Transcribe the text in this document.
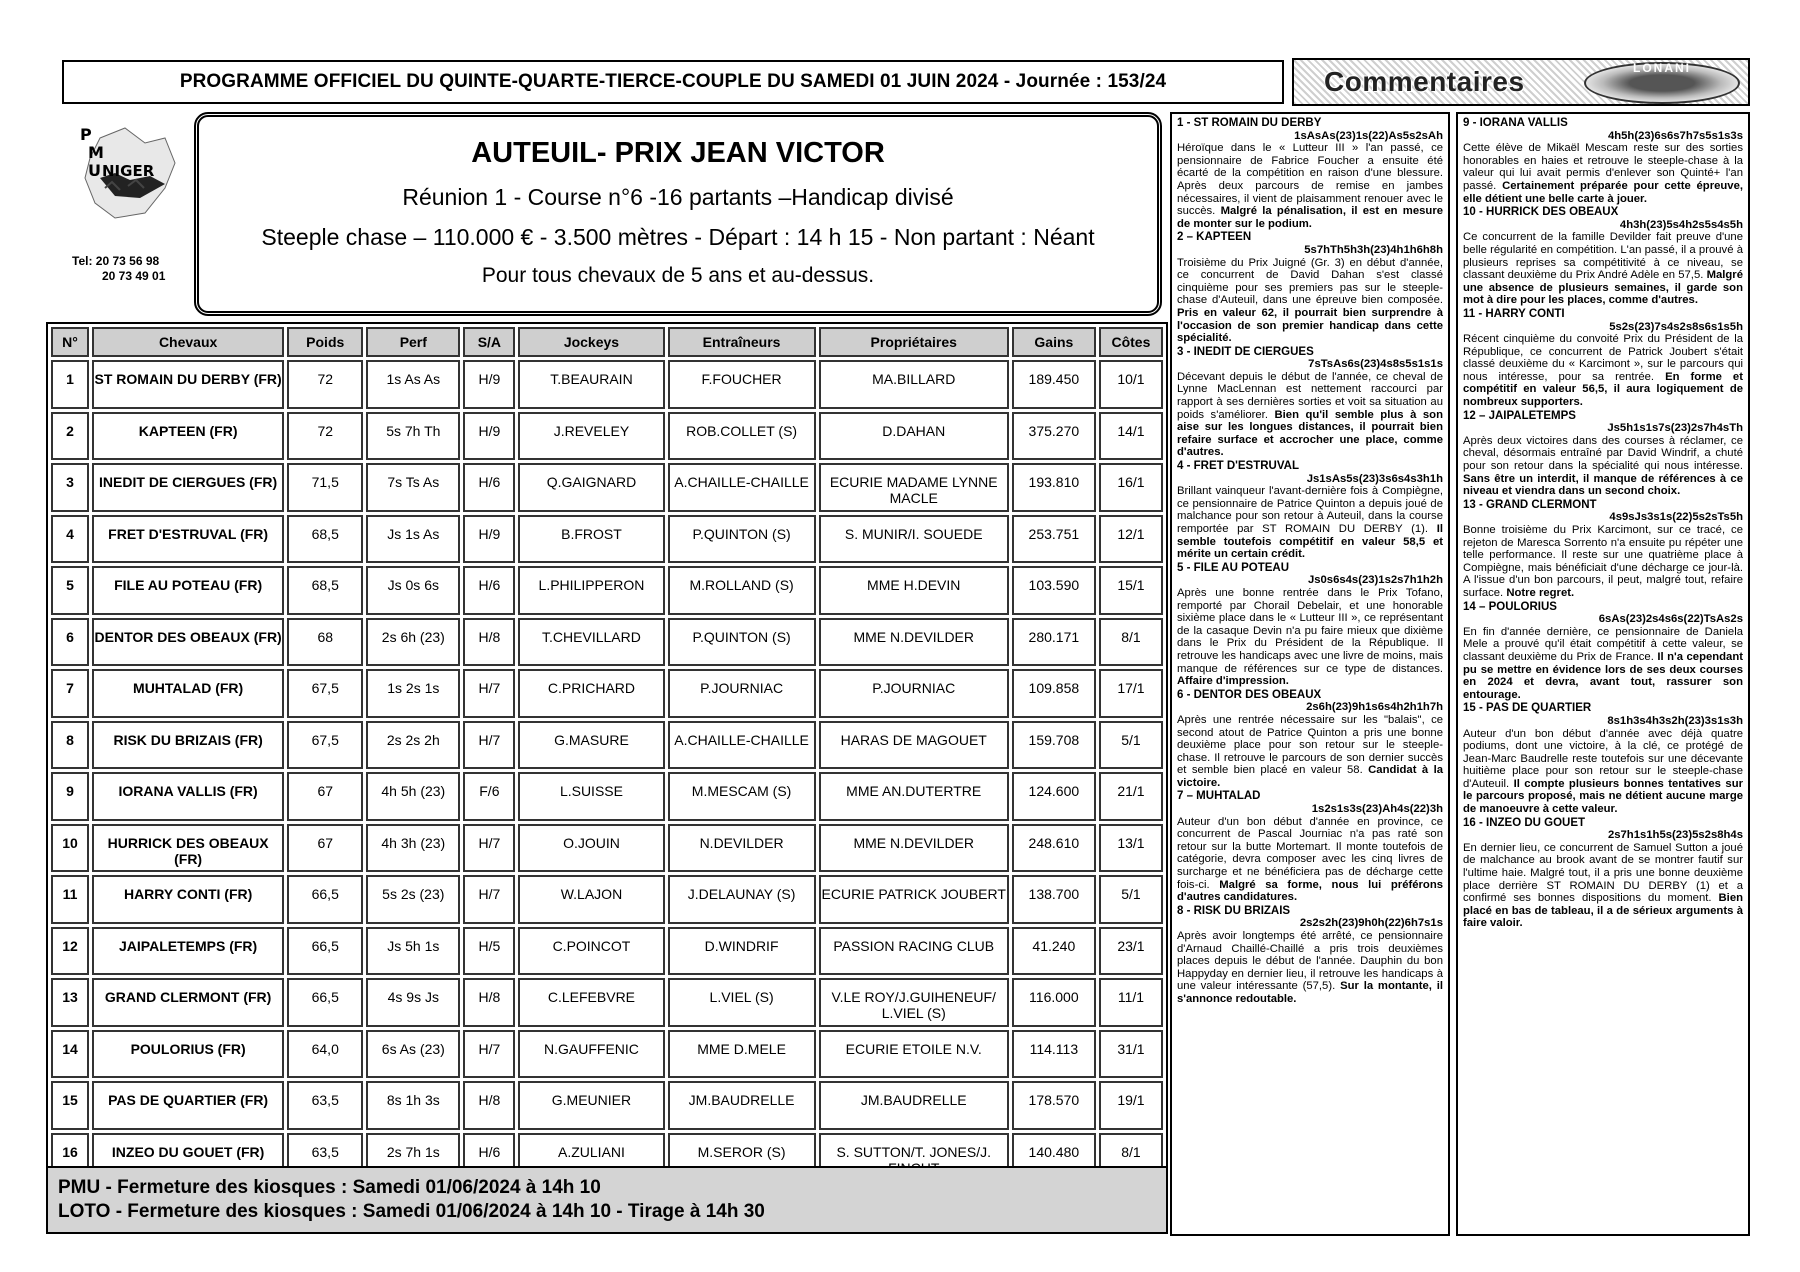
PROGRAMME OFFICIEL DU QUINTE-QUARTE-TIERCE-COUPLE DU SAMEDI 01 JUIN 2024 - Journée : 153/24	Commentaires	LONANI
P
M
U NIGER
Tel: 20 73 56 98
20 73 49 01
AUTEUIL- PRIX JEAN VICTOR
Réunion 1 - Course n°6 -16 partants –Handicap divisé
Steeple chase – 110.000 € - 3.500 mètres - Départ : 14 h 15 - Non partant : Néant
Pour tous chevaux de 5 ans et au-dessus.
N°	Chevaux	Poids	Perf	S/A	Jockeys	Entraîneurs	Propriétaires	Gains	Côtes
1	ST ROMAIN DU DERBY (FR)	72	1s As As	H/9	T.BEAURAIN	F.FOUCHER	MA.BILLARD	189.450	10/1
2	KAPTEEN (FR)	72	5s 7h Th	H/9	J.REVELEY	ROB.COLLET (S)	D.DAHAN	375.270	14/1
3	INEDIT DE CIERGUES (FR)	71,5	7s Ts As	H/6	Q.GAIGNARD	A.CHAILLE-CHAILLE	ECURIE MADAME LYNNE MACLE	193.810	16/1
4	FRET D'ESTRUVAL (FR)	68,5	Js 1s As	H/9	B.FROST	P.QUINTON (S)	S. MUNIR/I. SOUEDE	253.751	12/1
5	FILE AU POTEAU (FR)	68,5	Js 0s 6s	H/6	L.PHILIPPERON	M.ROLLAND (S)	MME H.DEVIN	103.590	15/1
6	DENTOR DES OBEAUX (FR)	68	2s 6h (23)	H/8	T.CHEVILLARD	P.QUINTON (S)	MME N.DEVILDER	280.171	8/1
7	MUHTALAD (FR)	67,5	1s 2s 1s	H/7	C.PRICHARD	P.JOURNIAC	P.JOURNIAC	109.858	17/1
8	RISK DU BRIZAIS (FR)	67,5	2s 2s 2h	H/7	G.MASURE	A.CHAILLE-CHAILLE	HARAS DE MAGOUET	159.708	5/1
9	IORANA VALLIS (FR)	67	4h 5h (23)	F/6	L.SUISSE	M.MESCAM (S)	MME AN.DUTERTRE	124.600	21/1
10	HURRICK DES OBEAUX (FR)	67	4h 3h (23)	H/7	O.JOUIN	N.DEVILDER	MME N.DEVILDER	248.610	13/1
11	HARRY CONTI (FR)	66,5	5s 2s (23)	H/7	W.LAJON	J.DELAUNAY (S)	ECURIE PATRICK JOUBERT	138.700	5/1
12	JAIPALETEMPS (FR)	66,5	Js 5h 1s	H/5	C.POINCOT	D.WINDRIF	PASSION RACING CLUB	41.240	23/1
13	GRAND CLERMONT (FR)	66,5	4s 9s Js	H/8	C.LEFEBVRE	L.VIEL (S)	V.LE ROY/J.GUIHENEUF/ L.VIEL (S)	116.000	11/1
14	POULORIUS (FR)	64,0	6s As (23)	H/7	N.GAUFFENIC	MME D.MELE	ECURIE ETOILE N.V.	114.113	31/1
15	PAS DE QUARTIER (FR)	63,5	8s 1h 3s	H/8	G.MEUNIER	JM.BAUDRELLE	JM.BAUDRELLE	178.570	19/1
16	INZEO DU GOUET (FR)	63,5	2s 7h 1s	H/6	A.ZULIANI	M.SEROR (S)	S. SUTTON/T. JONES/J.	140.480	8/1
PMU - Fermeture des kiosques : Samedi 01/06/2024 à 14h 10
LOTO - Fermeture des kiosques : Samedi 01/06/2024 à 14h 10 - Tirage à 14h 30
1 - ST ROMAIN DU DERBY
1sAsAs(23)1s(22)As5s2sAh
Héroïque dans le « Lutteur III » l'an passé, ce pensionnaire de Fabrice Foucher a ensuite été écarté de la compétition en raison d'une blessure. Après deux parcours de remise en jambes nécessaires, il vient de plaisamment renouer avec le succès. Malgré la pénalisation, il est en mesure de monter sur le podium.
2 – KAPTEEN
5s7hTh5h3h(23)4h1h6h8h
Troisième du Prix Juigné (Gr. 3) en début d'année, ce concurrent de David Dahan s'est classé cinquième pour ses premiers pas sur le steeple-chase d'Auteuil, dans une épreuve bien composée. Pris en valeur 62, il pourrait bien surprendre à l'occasion de son premier handicap dans cette spécialité.
3 - INEDIT DE CIERGUES
7sTsAs6s(23)4s8s5s1s1s
Décevant depuis le début de l'année, ce cheval de Lynne MacLennan est nettement raccourci par rapport à ses dernières sorties et voit sa situation au poids s'améliorer. Bien qu'il semble plus à son aise sur les longues distances, il pourrait bien refaire surface et accrocher une place, comme d'autres.
4 - FRET D'ESTRUVAL
Js1sAs5s(23)3s6s4s3h1h
Brillant vainqueur l'avant-dernière fois à Compiègne, ce pensionnaire de Patrice Quinton a depuis joué de malchance pour son retour à Auteuil, dans la course remportée par ST ROMAIN DU DERBY (1). Il semble toutefois compétitif en valeur 58,5 et mérite un certain crédit.
5 - FILE AU POTEAU
Js0s6s4s(23)1s2s7h1h2h
Après une bonne rentrée dans le Prix Tofano, remporté par Chorail Debelair, et une honorable sixième place dans le « Lutteur III », ce représentant de la casaque Devin n'a pu faire mieux que dixième dans le Prix du Président de la République. Il retrouve les handicaps avec une livre de moins, mais manque de références sur ce type de distances. Affaire d'impression.
6 - DENTOR DES OBEAUX
2s6h(23)9h1s6s4h2h1h7h
Après une rentrée nécessaire sur les "balais", ce second atout de Patrice Quinton a pris une bonne deuxième place pour son retour sur le steeple-chase. Il retrouve le parcours de son dernier succès et semble bien placé en valeur 58. Candidat à la victoire.
7 – MUHTALAD
1s2s1s3s(23)Ah4s(22)3h
Auteur d'un bon début d'année en province, ce concurrent de Pascal Journiac n'a pas raté son retour sur la butte Mortemart. Il monte toutefois de catégorie, devra composer avec les cinq livres de surcharge et ne bénéficiera pas de décharge cette fois-ci. Malgré sa forme, nous lui préférons d'autres candidatures.
8 - RISK DU BRIZAIS
2s2s2h(23)9h0h(22)6h7s1s
Après avoir longtemps été arrêté, ce pensionnaire d'Arnaud Chaillé-Chaillé a pris trois deuxièmes places depuis le début de l'année. Dauphin du bon Happyday en dernier lieu, il retrouve les handicaps à une valeur intéressante (57,5). Sur la montante, il s'annonce redoutable.
9 - IORANA VALLIS
4h5h(23)6s6s7h7s5s1s3s
Cette élève de Mikaël Mescam reste sur des sorties honorables en haies et retrouve le steeple-chase à la valeur qui lui avait permis d'enlever son Quinté+ l'an passé. Certainement préparée pour cette épreuve, elle détient une belle carte à jouer.
10 - HURRICK DES OBEAUX
4h3h(23)5s4h2s5s4s5h
Ce concurrent de la famille Devilder fait preuve d'une belle régularité en compétition. L'an passé, il a prouvé à plusieurs reprises sa compétitivité à ce niveau, se classant deuxième du Prix André Adèle en 57,5. Malgré une absence de plusieurs semaines, il garde son mot à dire pour les places, comme d'autres.
11 - HARRY CONTI
5s2s(23)7s4s2s8s6s1s5h
Récent cinquième du convoité Prix du Président de la République, ce concurrent de Patrick Joubert s'était classé deuxième du « Karcimont », sur le parcours qui nous intéresse, pour sa rentrée. En forme et compétitif en valeur 56,5, il aura logiquement de nombreux supporters.
12 – JAIPALETEMPS
Js5h1s1s7s(23)2s7h4sTh
Après deux victoires dans des courses à réclamer, ce cheval, désormais entraîné par David Windrif, a chuté pour son retour dans la spécialité qui nous intéresse. Sans être un interdit, il manque de références à ce niveau et viendra dans un second choix.
13 - GRAND CLERMONT
4s9sJs3s1s(22)5s2sTs5h
Bonne troisième du Prix Karcimont, sur ce tracé, ce rejeton de Maresca Sorrento n'a ensuite pu répéter une telle performance. Il reste sur une quatrième place à Compiègne, mais bénéficiait d'une décharge ce jour-là. A l'issue d'un bon parcours, il peut, malgré tout, refaire surface. Notre regret.
14 – POULORIUS
6sAs(23)2s4s6s(22)TsAs2s
En fin d'année dernière, ce pensionnaire de Daniela Mele a prouvé qu'il était compétitif à cette valeur, se classant deuxième du Prix de France. Il n'a cependant pu se mettre en évidence lors de ses deux courses en 2024 et devra, avant tout, rassurer son entourage.
15 - PAS DE QUARTIER
8s1h3s4h3s2h(23)3s1s3h
Auteur d'un bon début d'année avec déjà quatre podiums, dont une victoire, à la clé, ce protégé de Jean-Marc Baudrelle reste toutefois sur une décevante huitième place pour son retour sur le steeple-chase d'Auteuil. Il compte plusieurs bonnes tentatives sur le parcours proposé, mais ne détient aucune marge de manoeuvre à cette valeur.
16 - INZEO DU GOUET
2s7h1s1h5s(23)5s2s8h4s
En dernier lieu, ce concurrent de Samuel Sutton a joué de malchance au brook avant de se montrer fautif sur l'ultime haie. Malgré tout, il a pris une bonne deuxième place derrière ST ROMAIN DU DERBY (1) et a confirmé ses bonnes dispositions du moment. Bien placé en bas de tableau, il a de sérieux arguments à faire valoir.
